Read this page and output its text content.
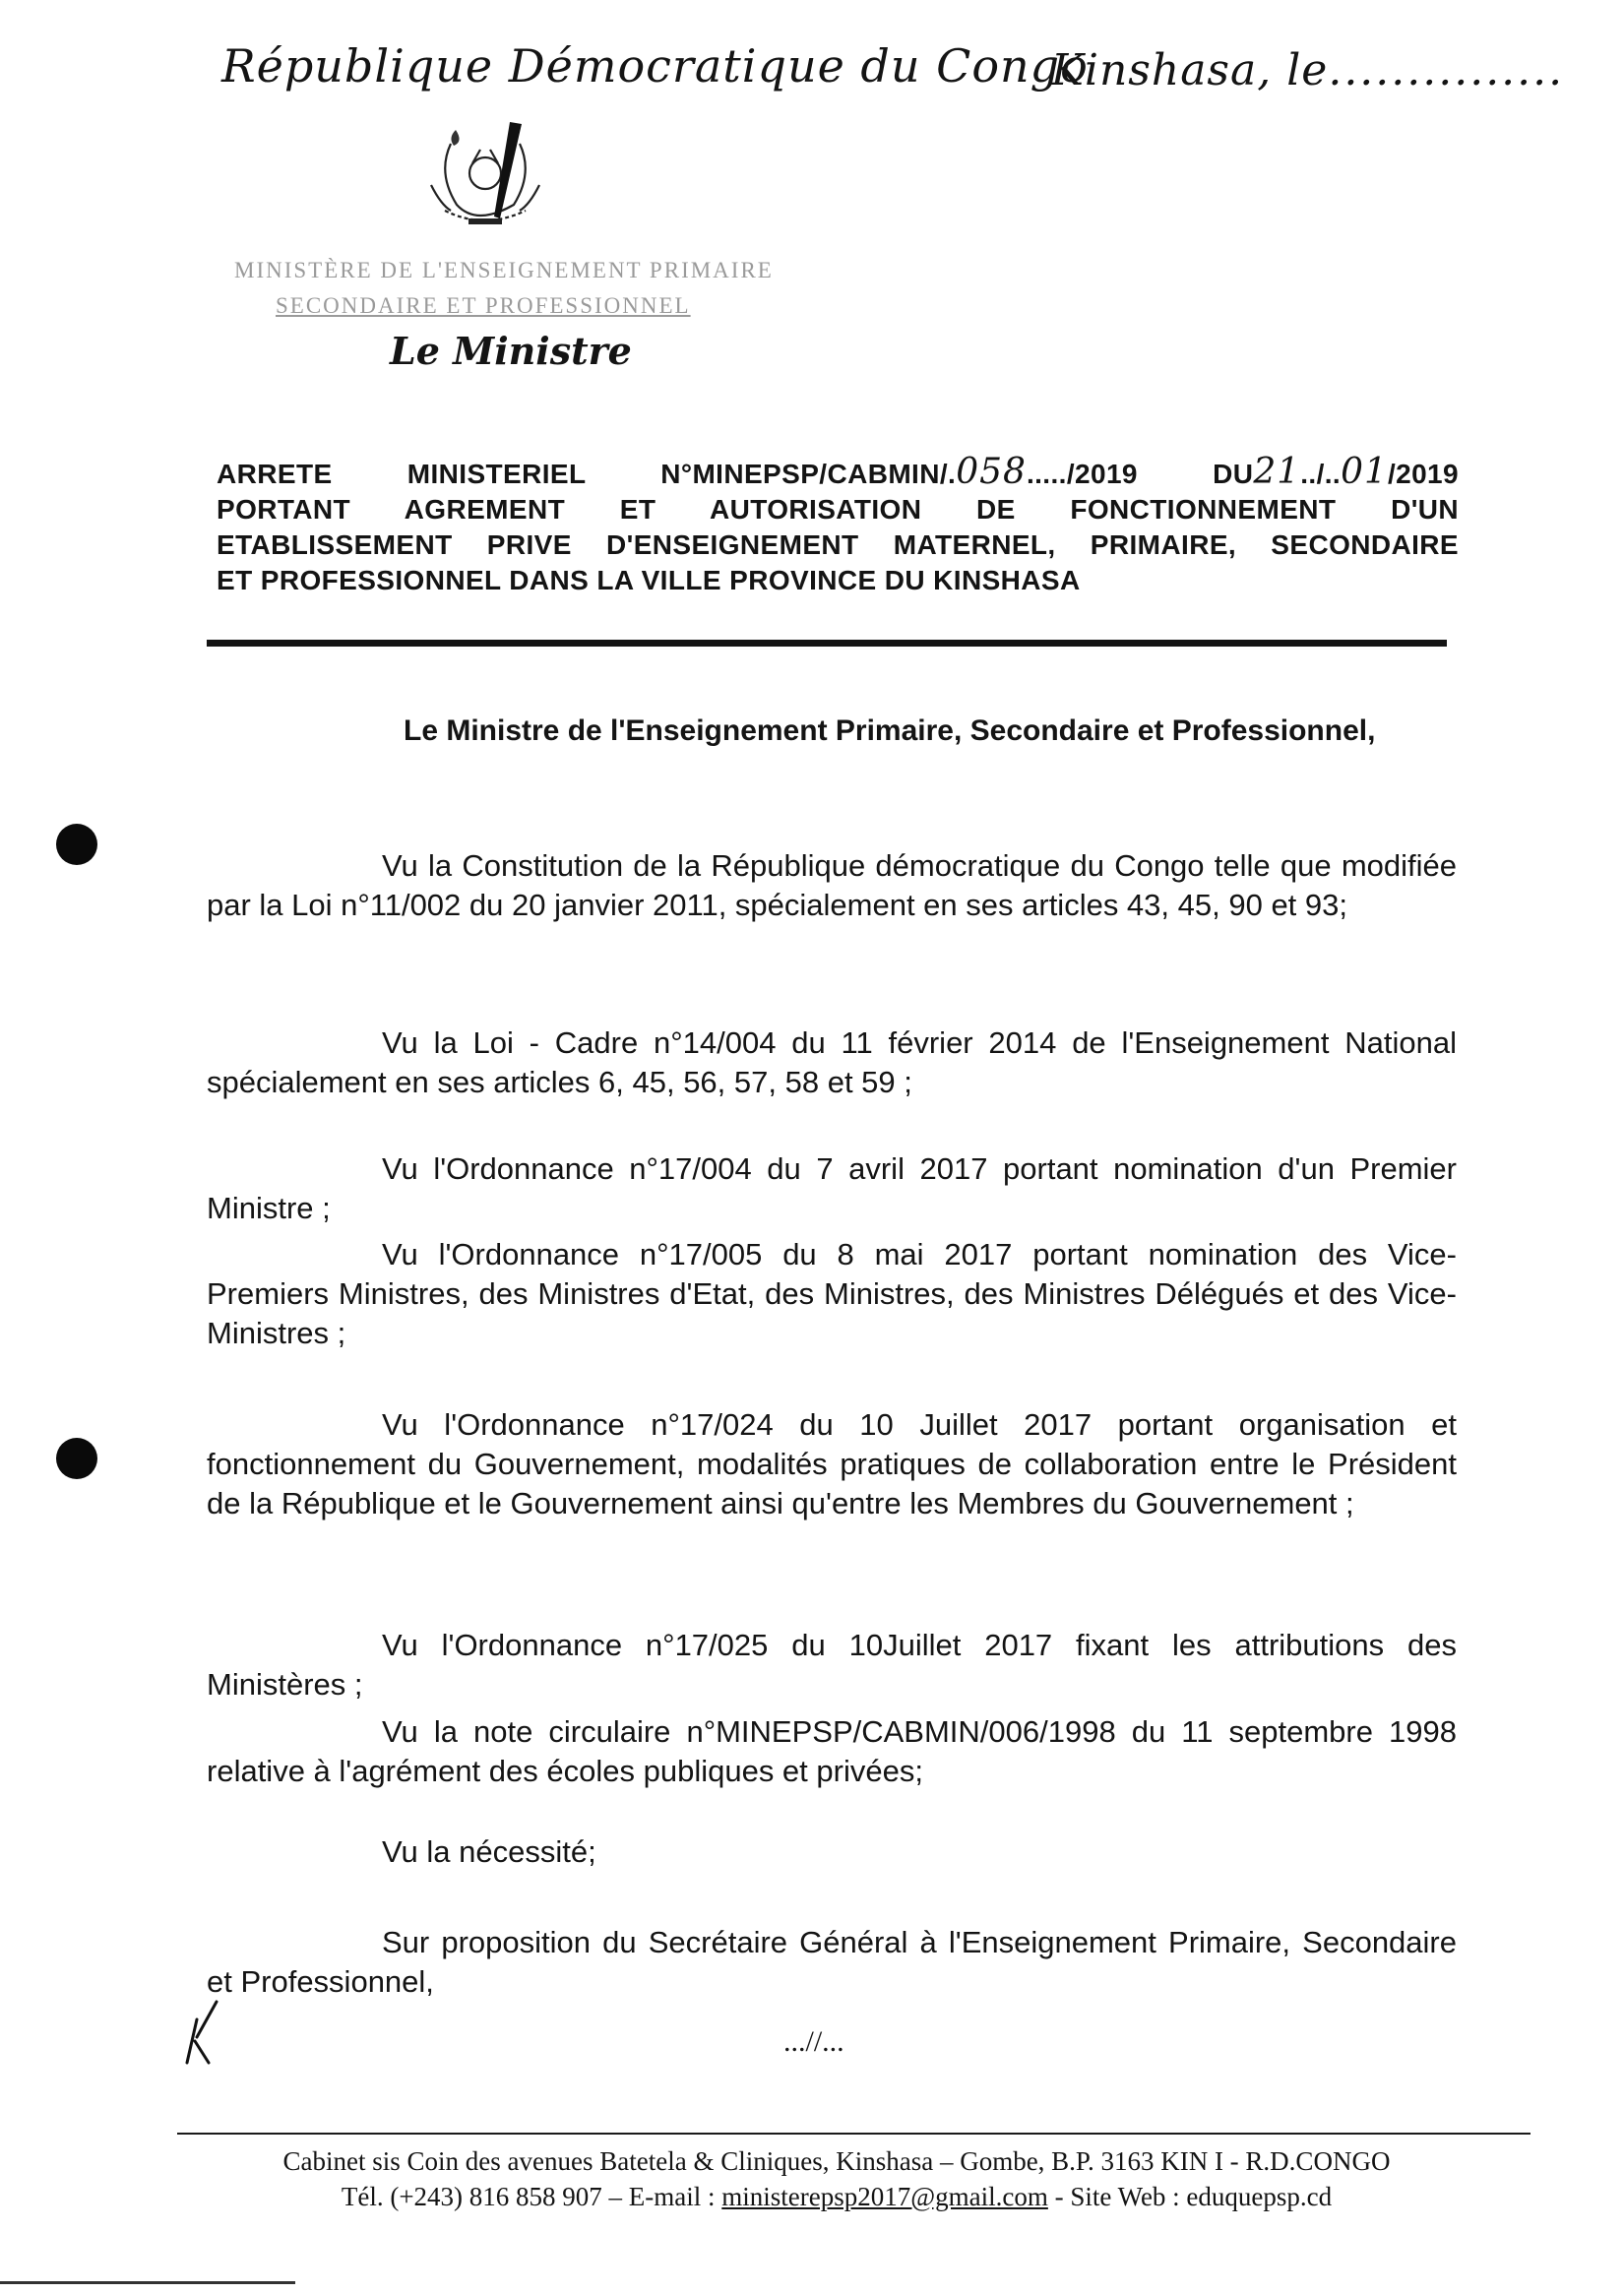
République Démocratique du Congo
Kinshasa, le...............
MINISTÈRE DE L'ENSEIGNEMENT PRIMAIRE
SECONDAIRE ET PROFESSIONNEL
Le Ministre
ARRETE MINISTERIEL N°MINEPSP/CABMIN/.058...../2019 DU21../..01/2019
PORTANT AGREMENT ET AUTORISATION DE FONCTIONNEMENT D'UN
ETABLISSEMENT PRIVE D'ENSEIGNEMENT MATERNEL, PRIMAIRE, SECONDAIRE
ET PROFESSIONNEL DANS LA VILLE PROVINCE DU KINSHASA
Le Ministre de l'Enseignement Primaire, Secondaire et Professionnel,
Vu la Constitution de la République démocratique du Congo telle que modifiée par la Loi n°11/002 du 20 janvier 2011, spécialement en ses articles 43, 45, 90 et 93;
Vu la Loi - Cadre n°14/004 du 11 février 2014 de l'Enseignement National spécialement en ses articles 6, 45, 56, 57, 58 et 59 ;
Vu l'Ordonnance n°17/004 du 7 avril 2017 portant nomination d'un Premier Ministre ;
Vu l'Ordonnance n°17/005 du 8 mai 2017 portant nomination des Vice-Premiers Ministres, des Ministres d'Etat, des Ministres, des Ministres Délégués et des Vice-Ministres ;
Vu l'Ordonnance n°17/024 du 10 Juillet 2017 portant organisation et fonctionnement du Gouvernement, modalités pratiques de collaboration entre le Président de la République et le Gouvernement ainsi qu'entre les Membres du Gouvernement ;
Vu l'Ordonnance n°17/025 du 10Juillet 2017 fixant les attributions des Ministères ;
Vu la note circulaire n°MINEPSP/CABMIN/006/1998 du 11 septembre 1998 relative à l'agrément des écoles publiques et privées;
Vu la nécessité;
Sur proposition du Secrétaire Général à l'Enseignement Primaire, Secondaire et Professionnel,
...//...
Cabinet sis Coin des avenues Batetela & Cliniques, Kinshasa – Gombe, B.P. 3163 KIN I - R.D.CONGO
Tél. (+243) 816 858 907 – E-mail : ministerepsp2017@gmail.com - Site Web : eduquepsp.cd
